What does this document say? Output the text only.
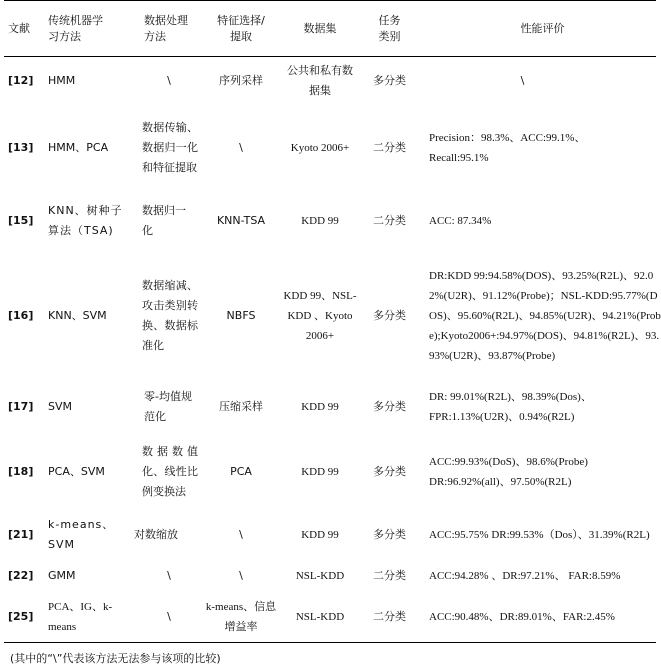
文献	传统机器学习方法	数据处理方法	特征选择/提取	数据集	任务类别	性能评价
[12]	HMM	\	序列采样	公共和私有数据集	多分类	\

[13]	HMM、PCA	数据传输、数据归一化和特征提取	\	Kyoto 2006+	二分类	Precision：98.3%、ACC:99.1%、Recall:95.1%

[15]	KNN、树种子算法（TSA)	数据归一化	KNN-TSA	KDD 99	二分类	ACC: 87.34%
[16]	KNN、SVM	数据缩减、攻击类别转换、数据标准化	NBFS	KDD 99、NSL-KDD 、Kyoto 2006+	多分类	DR:KDD 99:94.58%(DOS)、93.25%(R2L)、92.02%(U2R)、91.12%(Probe)；NSL-KDD:95.77%(DOS)、95.60%(R2L)、94.85%(U2R)、94.21%(Probe);Kyoto2006+:94.97%(DOS)、94.81%(R2L)、93.93%(U2R)、93.87%(Probe)

[17]	SVM	零-均值规范化	压缩采样	KDD 99	多分类	DR: 99.01%(R2L)、98.39%(Dos)、FPR:1.13%(U2R)、0.94%(R2L)

[18]	PCA、SVM	数据数值化、线性比例变换法	PCA	KDD 99	多分类	ACC:99.93%(DoS)、98.6%(Probe) DR:96.92%(all)、97.50%(R2L)

[21]	k-means、SVM	对数缩放	\	KDD 99	多分类	ACC:95.75% DR:99.53%（Dos）、31.39%(R2L)

[22]	GMM	\	\	NSL-KDD	二分类	ACC:94.28% 、DR:97.21%、 FAR:8.59%
[25]	PCA、IG、k-means	\	k-means、信息增益率	NSL-KDD	二分类	ACC:90.48%、DR:89.01%、FAR:2.45%
(其中的“\”代表该方法无法参与该项的比较)
